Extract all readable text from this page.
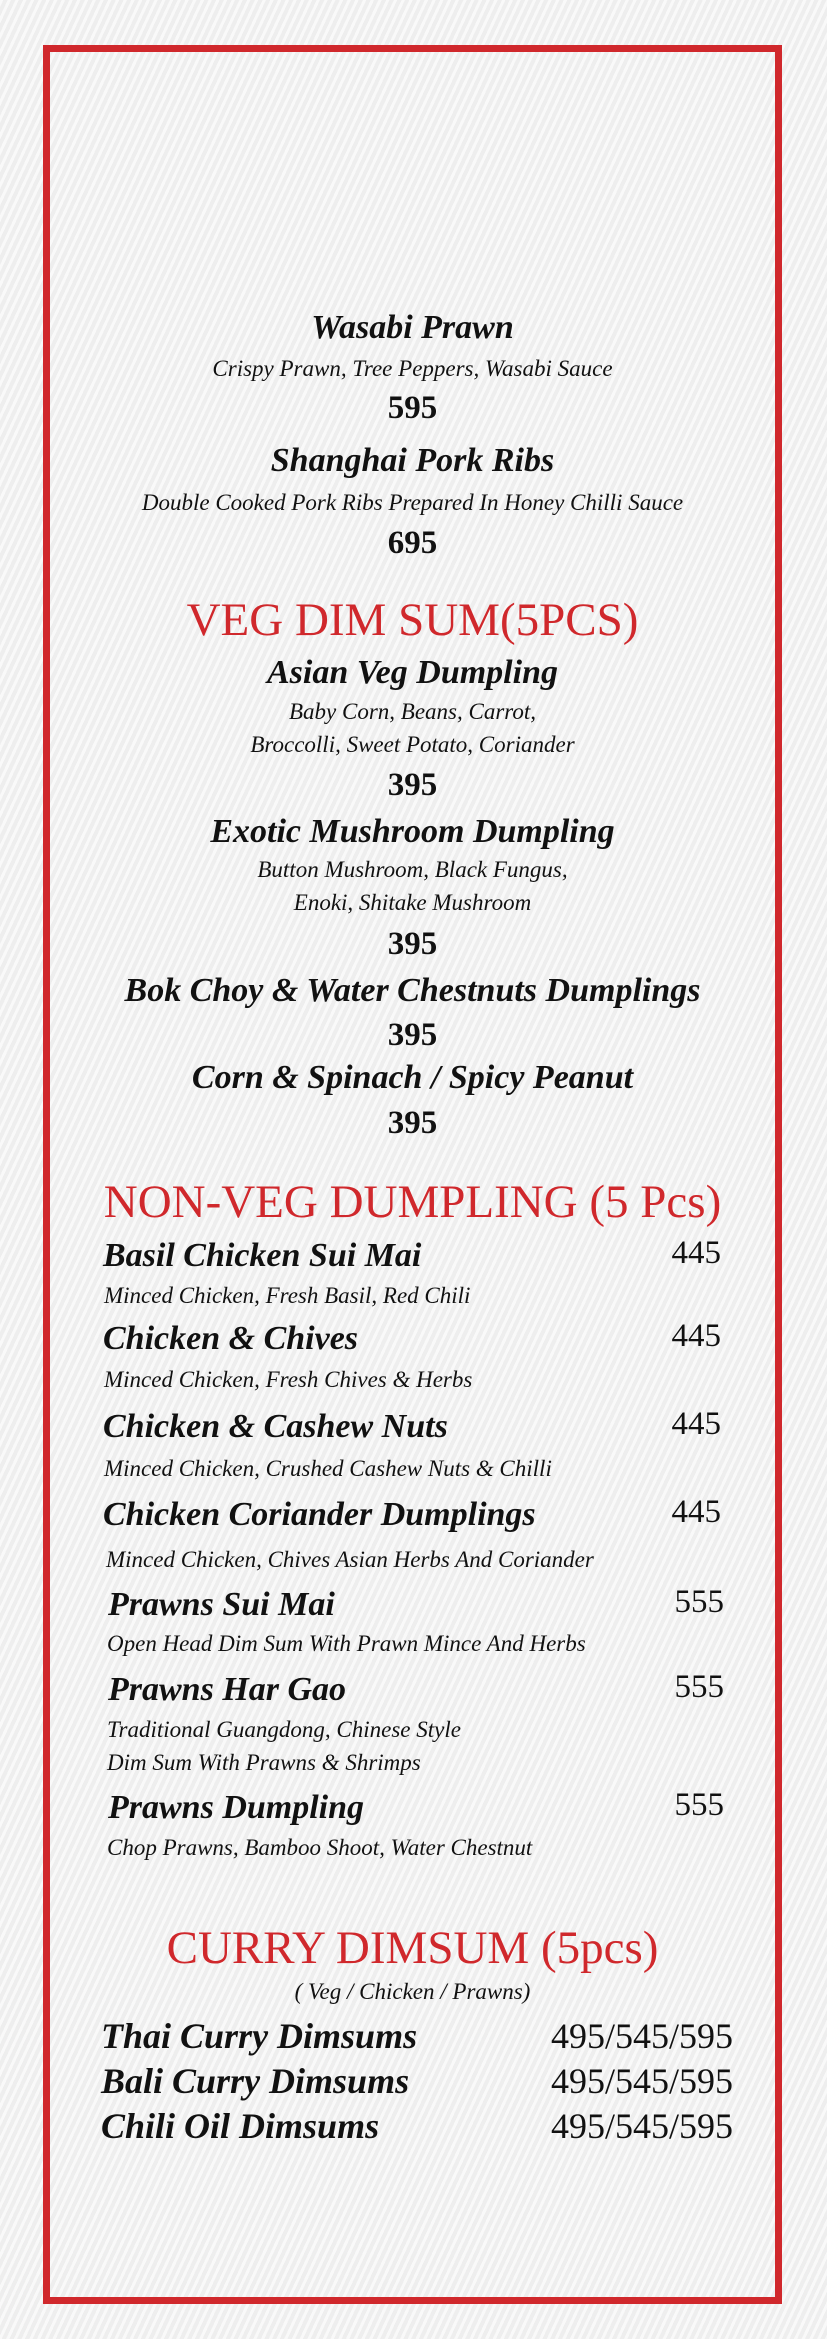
Wasabi Prawn
Crispy Prawn, Tree Peppers, Wasabi Sauce
595
Shanghai Pork Ribs
Double Cooked Pork Ribs Prepared In Honey Chilli Sauce
695
VEG DIM SUM(5PCS)
Asian Veg Dumpling
Baby Corn, Beans, Carrot,
Broccolli, Sweet Potato, Coriander
395
Exotic Mushroom Dumpling
Button Mushroom, Black Fungus,
Enoki, Shitake Mushroom
395
Bok Choy & Water Chestnuts Dumplings
395
Corn & Spinach / Spicy Peanut
395
NON-VEG DUMPLING (5 Pcs)
Basil Chicken Sui Mai	445
Minced Chicken, Fresh Basil, Red Chili
Chicken & Chives	445
Minced Chicken, Fresh Chives & Herbs
Chicken & Cashew Nuts	445
Minced Chicken, Crushed Cashew Nuts & Chilli
Chicken Coriander Dumplings	445
Minced Chicken, Chives Asian Herbs And Coriander
Prawns Sui Mai	555
Open Head Dim Sum With Prawn Mince And Herbs
Prawns Har Gao	555
Traditional Guangdong, Chinese Style
Dim Sum With Prawns & Shrimps
Prawns Dumpling	555
Chop Prawns, Bamboo Shoot, Water Chestnut
CURRY DIMSUM (5pcs)
( Veg / Chicken / Prawns)
Thai Curry Dimsums	495/545/595
Bali Curry Dimsums	495/545/595
Chili Oil Dimsums	495/545/595
